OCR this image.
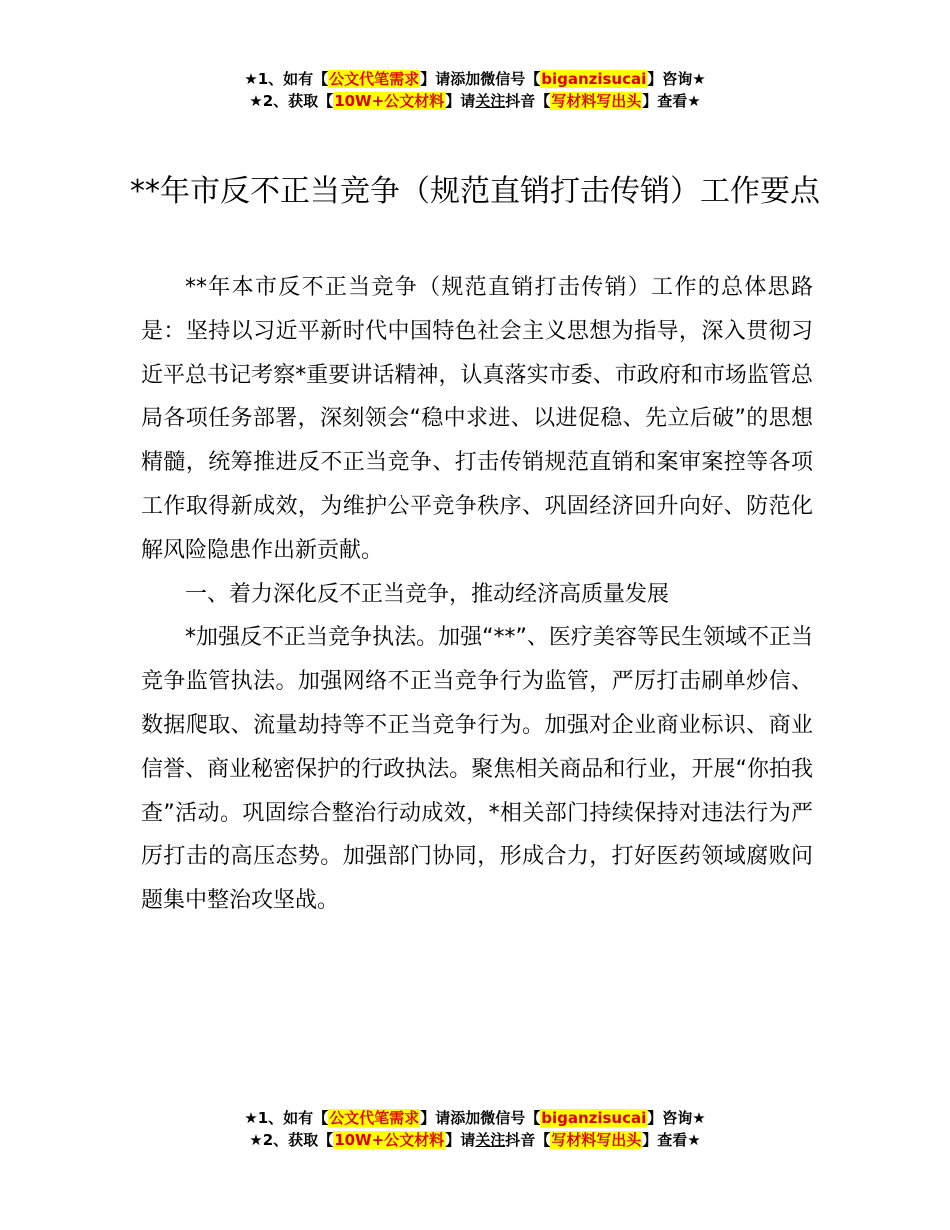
★1、如有【公文代笔需求】请添加微信号【biganzisucai】咨询★
★2、获取【10W+公文材料】请关注抖音【写材料写出头】查看★
**年市反不正当竞争（规范直销打击传销）工作要点

**年本市反不正当竞争（规范直销打击传销）工作的总体思路是：坚持以习近平新时代中国特色社会主义思想为指导，深入贯彻习近平总书记考察*重要讲话精神，认真落实市委、市政府和市场监管总局各项任务部署，深刻领会“稳中求进、以进促稳、先立后破”的思想精髓，统筹推进反不正当竞争、打击传销规范直销和案审案控等各项工作取得新成效，为维护公平竞争秩序、巩固经济回升向好、防范化解风险隐患作出新贡献。

一、着力深化反不正当竞争，推动经济高质量发展

*加强反不正当竞争执法。加强“**”、医疗美容等民生领域不正当竞争监管执法。加强网络不正当竞争行为监管，严厉打击刷单炒信、数据爬取、流量劫持等不正当竞争行为。加强对企业商业标识、商业信誉、商业秘密保护的行政执法。聚焦相关商品和行业，开展“你拍我查”活动。巩固综合整治行动成效，*相关部门持续保持对违法行为严厉打击的高压态势。加强部门协同，形成合力，打好医药领域腐败问题集中整治攻坚战。

★1、如有【公文代笔需求】请添加微信号【biganzisucai】咨询★
★2、获取【10W+公文材料】请关注抖音【写材料写出头】查看★
